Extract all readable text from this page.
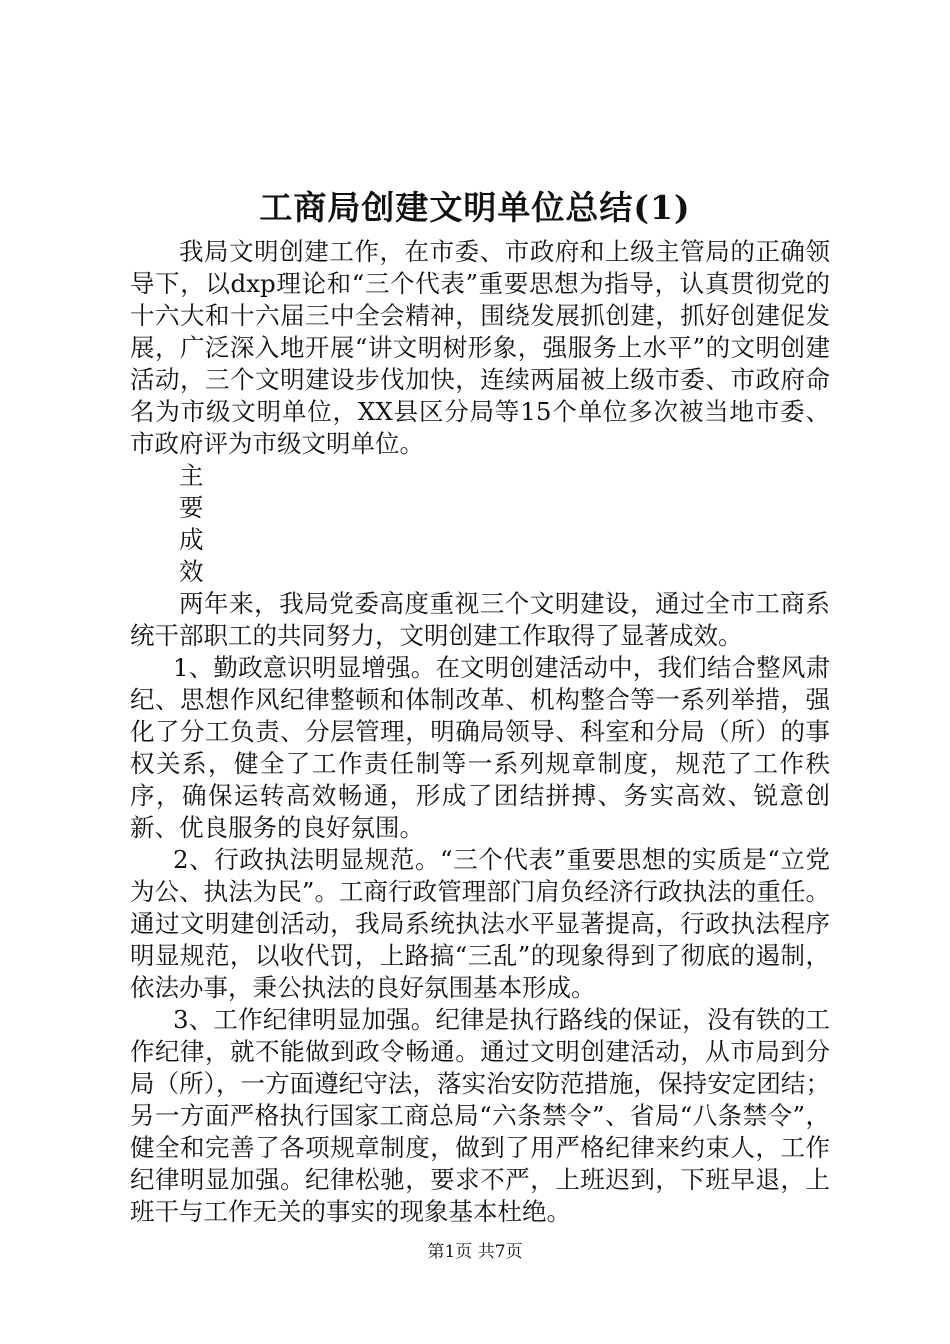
工商局创建文明单位总结(1)

我局文明创建工作，在市委、市政府和上级主管局的正确领导下，以dxp理论和“三个代表”重要思想为指导，认真贯彻党的十六大和十六届三中全会精神，围绕发展抓创建，抓好创建促发展，广泛深入地开展“讲文明树形象，强服务上水平”的文明创建活动，三个文明建设步伐加快，连续两届被上级市委、市政府命名为市级文明单位，XX县区分局等15个单位多次被当地市委、市政府评为市级文明单位。

主要成效

两年来，我局党委高度重视三个文明建设，通过全市工商系统干部职工的共同努力，文明创建工作取得了显著成效。

1、勤政意识明显增强。在文明创建活动中，我们结合整风肃纪、思想作风纪律整顿和体制改革、机构整合等一系列举措，强化了分工负责、分层管理，明确局领导、科室和分局（所）的事权关系，健全了工作责任制等一系列规章制度，规范了工作秩序，确保运转高效畅通，形成了团结拼搏、务实高效、锐意创新、优良服务的良好氛围。

2、行政执法明显规范。“三个代表”重要思想的实质是“立党为公、执法为民”。工商行政管理部门肩负经济行政执法的重任。通过文明建创活动，我局系统执法水平显著提高，行政执法程序明显规范，以收代罚，上路搞“三乱”的现象得到了彻底的遏制，依法办事，秉公执法的良好氛围基本形成。

3、工作纪律明显加强。纪律是执行路线的保证，没有铁的工作纪律，就不能做到政令畅通。通过文明创建活动，从市局到分局（所），一方面遵纪守法，落实治安防范措施，保持安定团结；另一方面严格执行国家工商总局“六条禁令”、省局“八条禁令”，健全和完善了各项规章制度，做到了用严格纪律来约束人，工作纪律明显加强。纪律松驰，要求不严，上班迟到，下班早退，上班干与工作无关的事实的现象基本杜绝。

第1页 共7页
